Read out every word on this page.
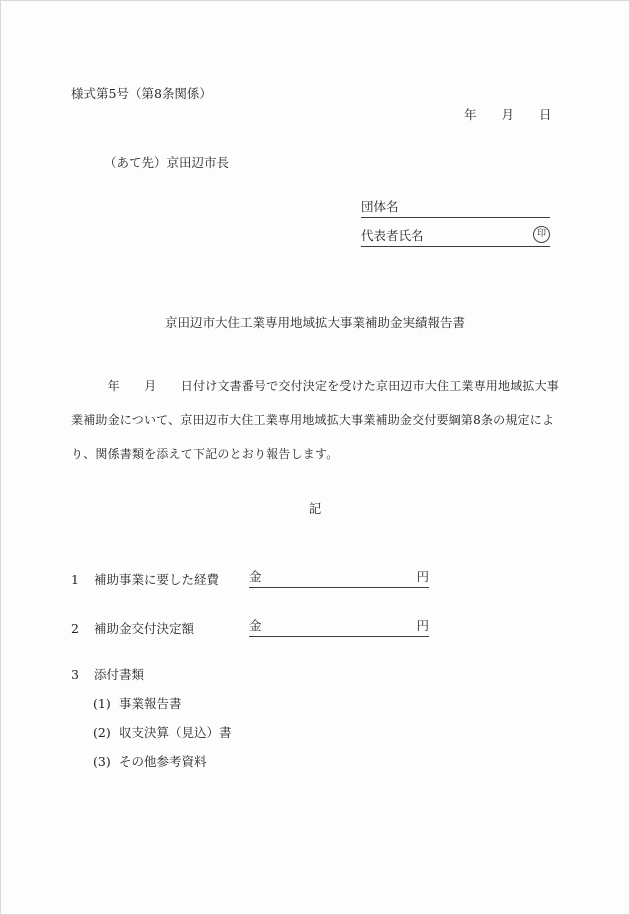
様式第5号（第8条関係）
年　　月　　日
（あて先）京田辺市長
団体名
代表者氏名	印
京田辺市大住工業専用地域拡大事業補助金実績報告書
　　　年　　月　　日付け文書番号で交付決定を受けた京田辺市大住工業専用地域拡大事
業補助金について、京田辺市大住工業専用地域拡大事業補助金交付要綱第8条の規定によ
り、関係書類を添えて下記のとおり報告します。
記
1 補助事業に要した経費 金	円
2 補助金交付決定額	金	円
3 添付書類
(1) 事業報告書
(2) 収支決算（見込）書
(3) その他参考資料
